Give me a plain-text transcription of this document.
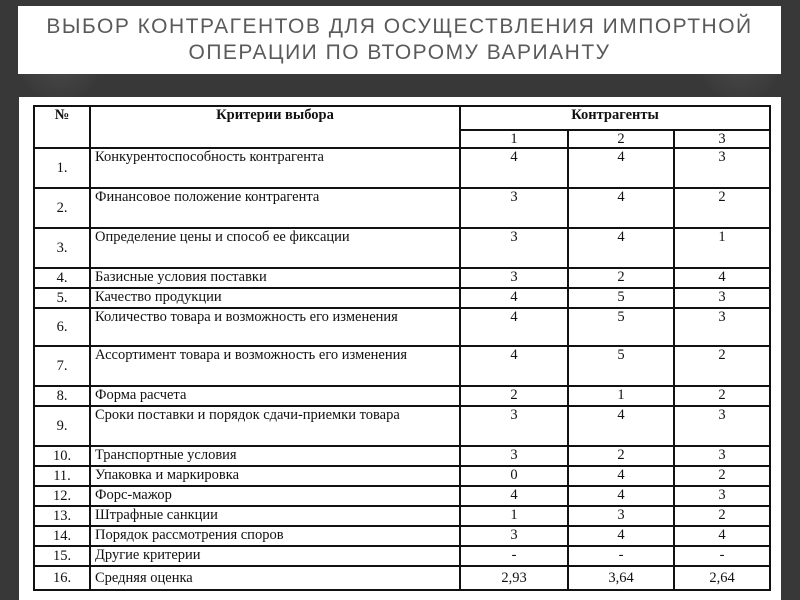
ВЫБОР КОНТРАГЕНТОВ ДЛЯ ОСУЩЕСТВЛЕНИЯ ИМПОРТНОЙ ОПЕРАЦИИ ПО ВТОРОМУ ВАРИАНТУ
№	Критерии выбора	Контрагенты		
		1	2	3
1.	Конкурентоспособность контрагента	4	4	3
2.	Финансовое положение контрагента	3	4	2
3.	Определение цены и способ ее фиксации	3	4	1
4.	Базисные условия поставки	3	2	4
5.	Качество продукции	4	5	3
6.	Количество товара и возможность его изменения	4	5	3
7.	Ассортимент товара и возможность его изменения	4	5	2
8.	Форма расчета	2	1	2
9.	Сроки поставки и порядок сдачи-приемки товара	3	4	3
10.	Транспортные условия	3	2	3
11.	Упаковка и маркировка	0	4	2
12.	Форс-мажор	4	4	3
13.	Штрафные санкции	1	3	2
14.	Порядок рассмотрения споров	3	4	4
15.	Другие критерии	-	-	-
16.	Средняя оценка	2,93	3,64	2,64
